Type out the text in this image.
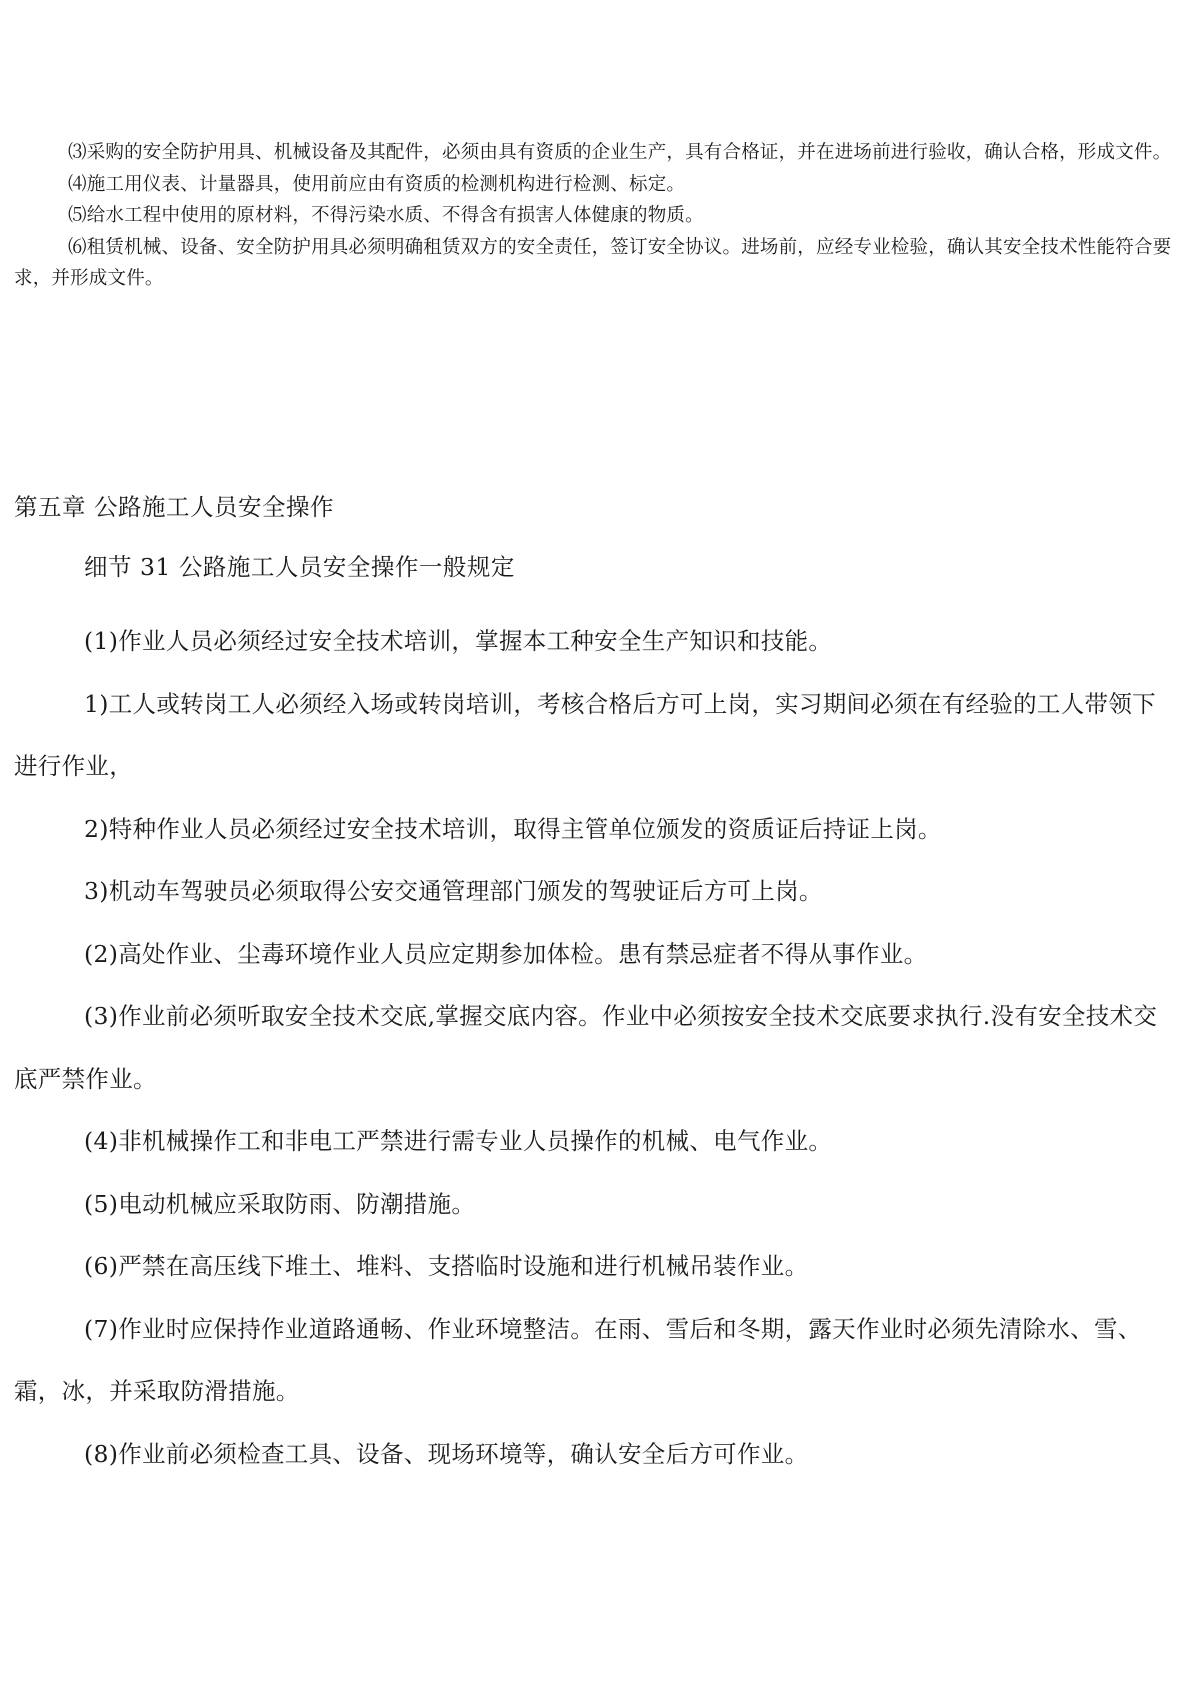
⑶采购的安全防护用具、机械设备及其配件，必须由具有资质的企业生产，具有合格证，并在进场前进行验收，确认合格，形成文件。

⑷施工用仪表、计量器具，使用前应由有资质的检测机构进行检测、标定。

⑸给水工程中使用的原材料，不得污染水质、不得含有损害人体健康的物质。

⑹租赁机械、设备、安全防护用具必须明确租赁双方的安全责任，签订安全协议。进场前，应经专业检验，确认其安全技术性能符合要求，并形成文件。

第五章 公路施工人员安全操作
细节 31 公路施工人员安全操作一般规定

(1)作业人员必须经过安全技术培训，掌握本工种安全生产知识和技能。

1)工人或转岗工人必须经入场或转岗培训，考核合格后方可上岗，实习期间必须在有经验的工人带领下进行作业，

2)特种作业人员必须经过安全技术培训，取得主管单位颁发的资质证后持证上岗。

3)机动车驾驶员必须取得公安交通管理部门颁发的驾驶证后方可上岗。

(2)高处作业、尘毒环境作业人员应定期参加体检。患有禁忌症者不得从事作业。

(3)作业前必须听取安全技术交底,掌握交底内容。作业中必须按安全技术交底要求执行.没有安全技术交底严禁作业。

(4)非机械操作工和非电工严禁进行需专业人员操作的机械、电气作业。

(5)电动机械应采取防雨、防潮措施。

(6)严禁在高压线下堆土、堆料、支搭临时设施和进行机械吊装作业。

(7)作业时应保持作业道路通畅、作业环境整洁。在雨、雪后和冬期，露天作业时必须先清除水、雪、霜，冰，并采取防滑措施。

(8)作业前必须检查工具、设备、现场环境等，确认安全后方可作业。
